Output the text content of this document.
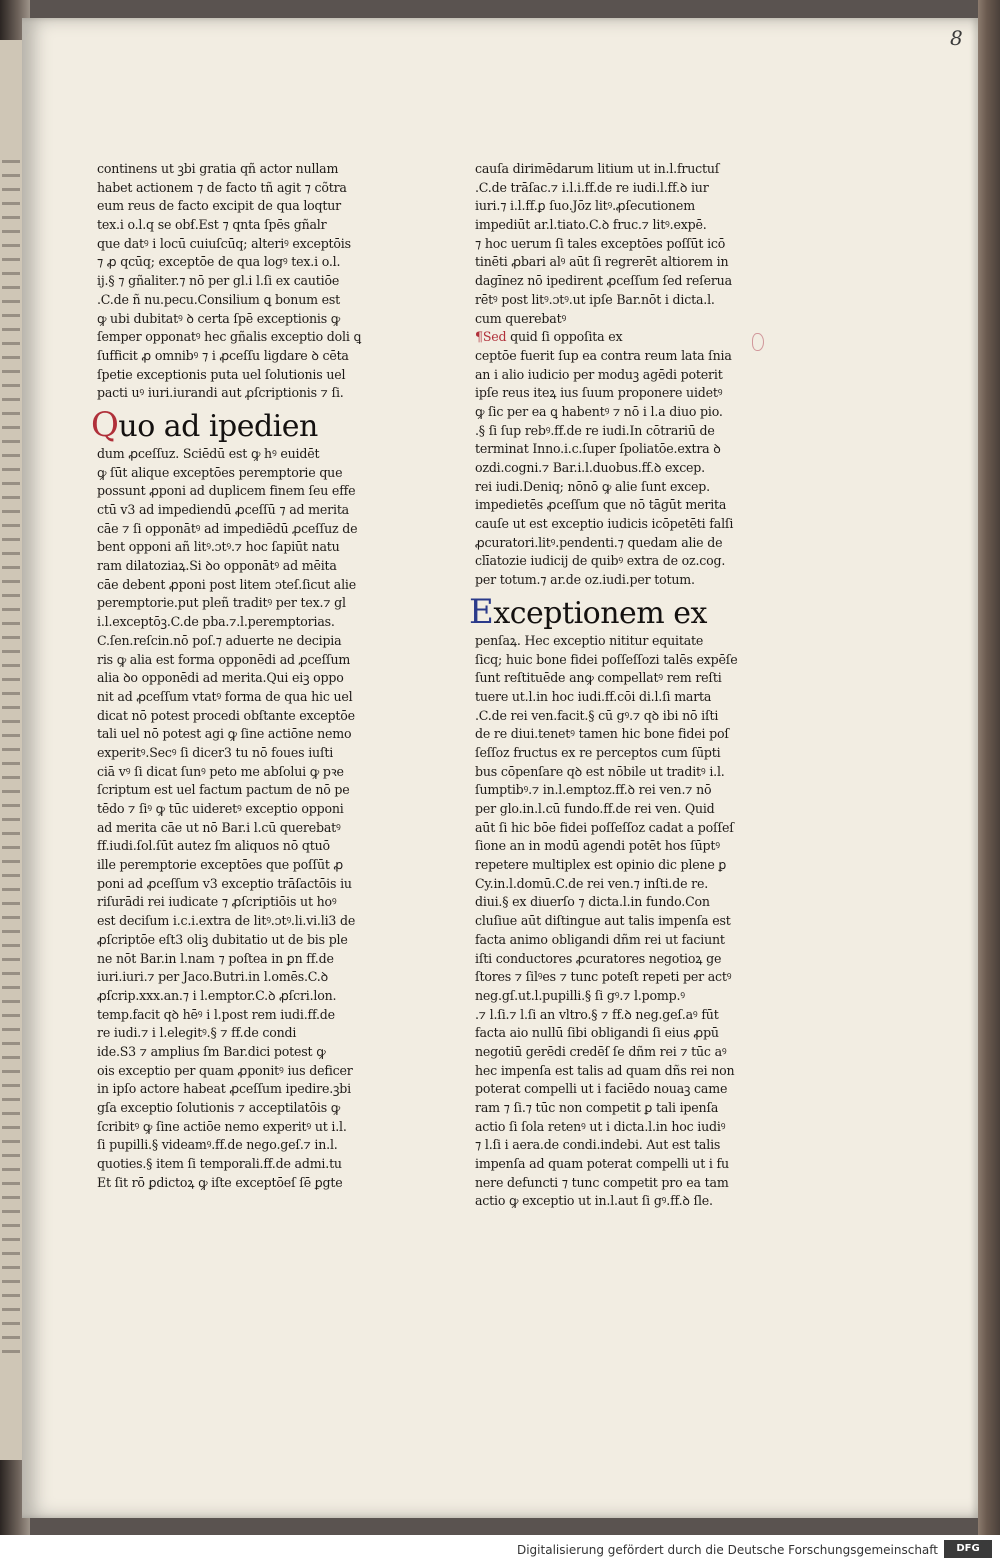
8
continens ut ꝫbi gratia qñ actor nullam
habet actionem ⁊ de facto tñ agit ⁊ cõtra
eum reus de facto excipit de qua loqtur
tex.i o.l.q se obẜ.Est ⁊ qnta ſpēs gñalr
que datꝰ i locū cuiuſcūq; alteriꝰ exceptōis
⁊ ꝓ qcūq; exceptōe de qua logꝰ tex.i o.l.
ij.§ ⁊ gñaliter.⁊ nō per gl.i l.ſi ex cautiōe
.C.de ñ nu.pecu.Consilium ꝗ bonum est
ꝙ ubi dubitatꝰ ꝺ certa ſpē exceptionis ꝙ
ſemper opponatꝰ hec gñalis exceptio doli ꝗ
ſufficit ꝓ omnibꝰ ⁊ i ꝓceſſu ligdare ꝺ cēta
ſpetie exceptionis puta uel ſolutionis uel
pacti uꝰ iuri.iurandi aut ꝓſcriptionis ⁊ ſi.
Quo ad ipedien
dum ꝓceſſuz. Sciēdū est ꝙ hꝰ euidēt
ꝙ ſūt alique exceptōes peremptorie que
possunt ꝓponi ad duplicem finem ſeu effe
ctū v3 ad impediendū ꝓceſſū ⁊ ad merita
cāe ⁊ ſi opponātꝰ ad impediēdū ꝓceſſuz de
bent opponi añ litꝰ.ɔtꝰ.⁊ hoc ſapiūt natu
ram dilatoziaꝝ.Si ꝺo opponātꝰ ad mēita
cāe debent ꝓponi post litem ɔteſ.ſicut alie
peremptorie.put pleñ traditꝰ per tex.⁊ gl
i.l.exceptōꝫ.C.de pba.⁊.l.peremptorias.
C.ſen.reſcin.nō poſ.⁊ aduerte ne decipia
ris ꝙ alia est forma opponēdi ad ꝓceſſum
alia ꝺo opponēdi ad merita.Qui eiꝫ oppo
nit ad ꝓceſſum vtatꝰ forma de qua hic uel
dicat nō potest procedi obſtante exceptōe
tali uel nō potest agi ꝙ ſine actiōne nemo
experitꝰ.Secꝰ ſi dicer3 tu nō foues iuſti
ciā vꝰ ſi dicat ſunꝰ peto me abſolui ꝙ pꝛe
ſcriptum est uel factum pactum de nō pe
tēdo ⁊ ſiꝰ ꝙ tūc uideretꝰ exceptio opponi
ad merita cāe ut nō Bar.i l.cū querebatꝰ
ff.iudi.ſol.ſūt autez ſm aliquos nō qtuō
ille peremptorie exceptōes que poſſūt ꝓ
poni ad ꝓceſſum v3 exceptio trāſactōis iu
riſurādi rei iudicate ⁊ ꝓſcriptiōis ut hoꝰ
est deciſum i.c.i.extra de litꝰ.ɔtꝰ.li.vi.li3 de
ꝓſcriptōe eſt3 oliꝫ dubitatio ut de bis ple
ne nōt Bar.in l.nam ⁊ poſtea in ꝑn ff.de
iuri.iuri.⁊ per Jaco.Butri.in l.omēs.C.ꝺ
ꝓſcrip.xxx.an.⁊ i l.emptor.C.ꝺ ꝓſcri.lon.
temp.facit qꝺ hēꝰ i l.post rem iudi.ff.de
re iudi.⁊ i l.elegitꝰ.§ ⁊ ff.de condi
ide.S3 ⁊ amplius ſm Bar.dici potest ꝙ
ois exceptio per quam ꝓponitꝰ ius deficer
in ipſo actore habeat ꝓceſſum ipedire.ꝫbi
gſa exceptio ſolutionis ⁊ acceptilatōis ꝙ
ſcribitꝰ ꝙ ſine actiōe nemo experitꝰ ut i.l.
ſi pupilli.§ videamꝰ.ff.de nego.geſ.⁊ in.l.
quoties.§ item ſi temporali.ff.de admi.tu
Et ſit rō ꝑdictoꝝ ꝙ iſte exceptōeſ ſē ꝑgte
cauſa dirimēdarum litium ut in.l.fructuſ
.C.de trāſac.⁊ i.l.i.ff.de re iudi.l.ff.ꝺ iur
iuri.⁊ i.l.ff.ꝑ ſuo.Jōz litꝰ.ꝓſecutionem
impediūt ar.l.tiato.C.ꝺ fruc.⁊ litꝰ.expē.
⁊ hoc uerum ſi tales exceptōes poſſūt icō
tinēti ꝓbari alꝰ aūt ſi regrerēt altiorem in
dagīnez nō ipedirent ꝓceſſum ſed reſerua
rētꝰ post litꝰ.ɔtꝰ.ut ipſe Bar.nōt i dicta.l.
cum querebatꝰ
¶Sed quid ſi oppoſita ex
ceptōe fuerit ſup ea contra reum lata ſnia
an i alio iudicio per moduꝫ agēdi poterit
ipſe reus iteꝝ ius ſuum proponere uidetꝰ
ꝙ ſic per ea ꝗ habentꝰ ⁊ nō i l.a diuo pio.
.§ ſi ſup rebꝰ.ff.de re iudi.In cōtrariū de
terminat Inno.i.c.ſuper ſpoliatōe.extra ꝺ
ozdi.cogni.⁊ Bar.i.l.duobus.ff.ꝺ excep.
rei iudi.Deniq; nōnō ꝙ alie ſunt excep.
impedietēs ꝓceſſum que nō tāgūt merita
cauſe ut est exceptio iudicis icōpetēti falſi
ꝓcuratori.litꝰ.pendenti.⁊ quedam alie de
clīatozie iudicij de quibꝰ extra de oz.cog.
per totum.⁊ ar.de oz.iudi.per totum.
Exceptionem ex
penſaꝝ. Hec exceptio nititur equitate
ſicq; huic bone fidei poſſeſſozi talēs expēſe
ſunt reſtituēde anꝙ compellatꝰ rem reſti
tuere ut.l.in hoc iudi.ff.cōi di.l.ſi marta
.C.de rei ven.facit.§ cū gꝰ.⁊ qꝺ ibi nō iſti
de re diui.tenetꝰ tamen hic bone fidei poſ
ſeſſoz fructus ex re perceptos cum ſūpti
bus cōpenſare qꝺ est nōbile ut traditꝰ i.l.
ſumptibꝰ.⁊ in.l.emptoz.ff.ꝺ rei ven.⁊ nō
per glo.in.l.cū fundo.ff.de rei ven. Quid
aūt ſi hic bōe fidei poſſeſſoz cadat a poſſeſ
ſione an in modū agendi potēt hos ſūptꝰ
repetere multiplex est opinio dic plene ꝑ
Cy.in.l.domū.C.de rei ven.⁊ inſti.de re.
diui.§ ex diuerſo ⁊ dicta.l.in fundo.Con
cluſiue aūt diſtingue aut talis impenſa est
facta animo obligandi dñm rei ut faciunt
iſti conductores ꝓcuratores negotioꝝ ge
ſtores ⁊ ſilꝰes ⁊ tunc poteſt repeti per actꝰ
neg.gſ.ut.l.pupilli.§ ſi gꝰ.⁊ l.pomp.ꝰ
.⁊ l.ſi.⁊ l.ſi an vltro.§ ⁊ ff.ꝺ neg.geſ.aꝰ fūt
facta aio nullū ſibi obligandi ſi eius ꝓpū
negotiū gerēdi credēſ ſe dñm rei ⁊ tūc aꝰ
hec impenſa est talis ad quam dñs rei non
poterat compelli ut i faciēdo nouaꝫ came
ram ⁊ ſi.⁊ tūc non competit ꝑ tali ipenſa
actio ſi ſola retenꝰ ut i dicta.l.in hoc iudiꝰ
⁊ l.ſi i aera.de condi.indebi. Aut est talis
impenſa ad quam poterat compelli ut i fu
nere defuncti ⁊ tunc competit pro ea tam
actio ꝙ exceptio ut in.l.aut ſi gꝰ.ff.ꝺ ſle.
Digitalisierung gefördert durch die Deutsche Forschungsgemeinschaft	DFG
